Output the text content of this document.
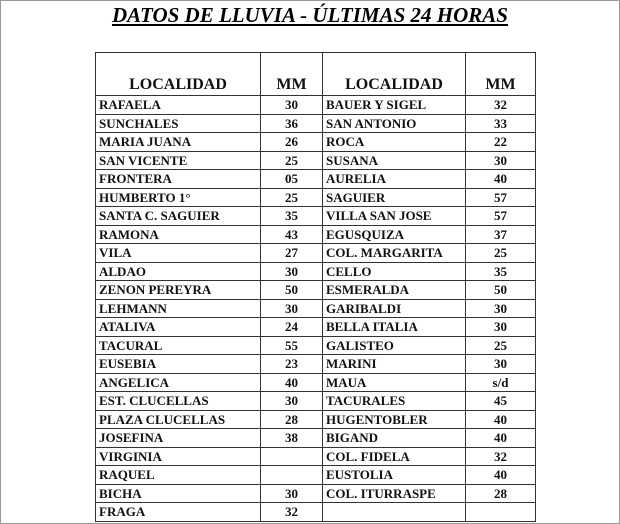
DATOS DE LLUVIA - ÚLTIMAS 24 HORAS
LOCALIDAD	MM	LOCALIDAD	MM
RAFAELA	30	BAUER Y SIGEL	32
SUNCHALES	36	SAN ANTONIO	33
MARIA JUANA	26	ROCA	22
SAN VICENTE	25	SUSANA	30
FRONTERA	05	AURELIA	40
HUMBERTO 1°	25	SAGUIER	57
SANTA C. SAGUIER	35	VILLA SAN JOSE	57
RAMONA	43	EGUSQUIZA	37
VILA	27	COL. MARGARITA	25
ALDAO	30	CELLO	35
ZENON PEREYRA	50	ESMERALDA	50
LEHMANN	30	GARIBALDI	30
ATALIVA	24	BELLA ITALIA	30
TACURAL	55	GALISTEO	25
EUSEBIA	23	MARINI	30
ANGELICA	40	MAUA	s/d
EST. CLUCELLAS	30	TACURALES	45
PLAZA CLUCELLAS	28	HUGENTOBLER	40
JOSEFINA	38	BIGAND	40
VIRGINIA		COL. FIDELA	32
RAQUEL		EUSTOLIA	40
BICHA	30	COL. ITURRASPE	28
FRAGA	32		
